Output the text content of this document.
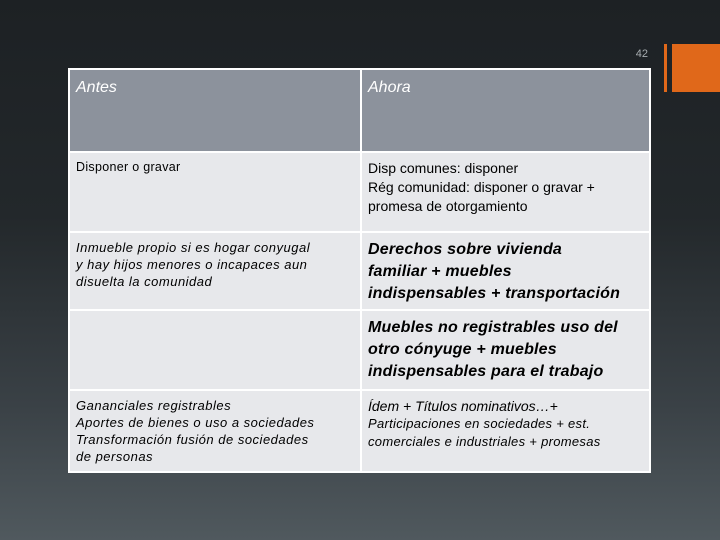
42
Antes	Ahora
Disponer o gravar	Disp comunes: disponer
Rég comunidad: disponer o gravar +
promesa de otorgamiento

Inmueble propio si es hogar conyugal
y hay hijos menores o incapaces aun
disuelta la comunidad	Derechos sobre vivienda
familiar + muebles
indispensables + transportación

	Muebles no registrables uso del
otro cónyuge + muebles
indispensables para el trabajo

Gananciales registrables
Aportes de bienes o uso a sociedades
Transformación fusión de sociedades
de personas	Ídem + Títulos nominativos…+
Participaciones en sociedades + est.
comerciales e industriales + promesas
